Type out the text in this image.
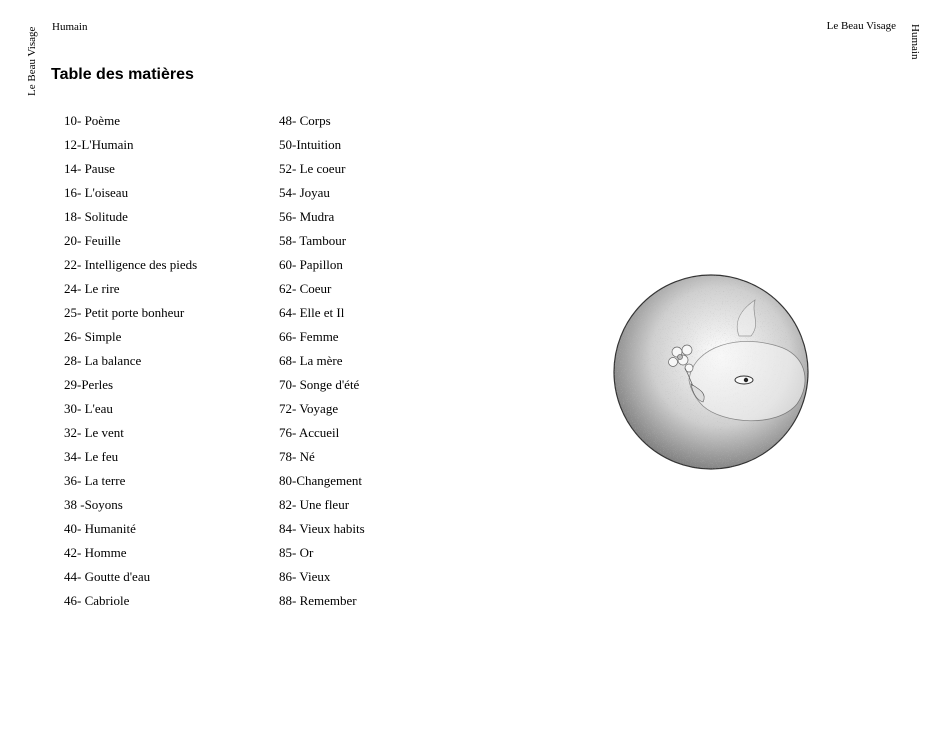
Le Beau Visage	Humain
Humain	Le Beau Visage
Table des matières
10- Poème
12-L'Humain
14- Pause
16- L'oiseau
18- Solitude
20- Feuille
22- Intelligence des pieds
24- Le rire
25- Petit porte bonheur
26- Simple
28- La balance
29-Perles
30- L'eau
32- Le vent
34- Le feu
36- La terre
38 -Soyons
40- Humanité
42- Homme
44- Goutte d'eau
46- Cabriole
48- Corps
50-Intuition
52- Le coeur
54- Joyau
56- Mudra
58- Tambour
60- Papillon
62- Coeur
64- Elle et Il
66- Femme
68- La mère
70- Songe d'été
72- Voyage
76- Accueil
78- Né
80-Changement
82- Une fleur
84- Vieux habits
85- Or
86- Vieux
88- Remember
